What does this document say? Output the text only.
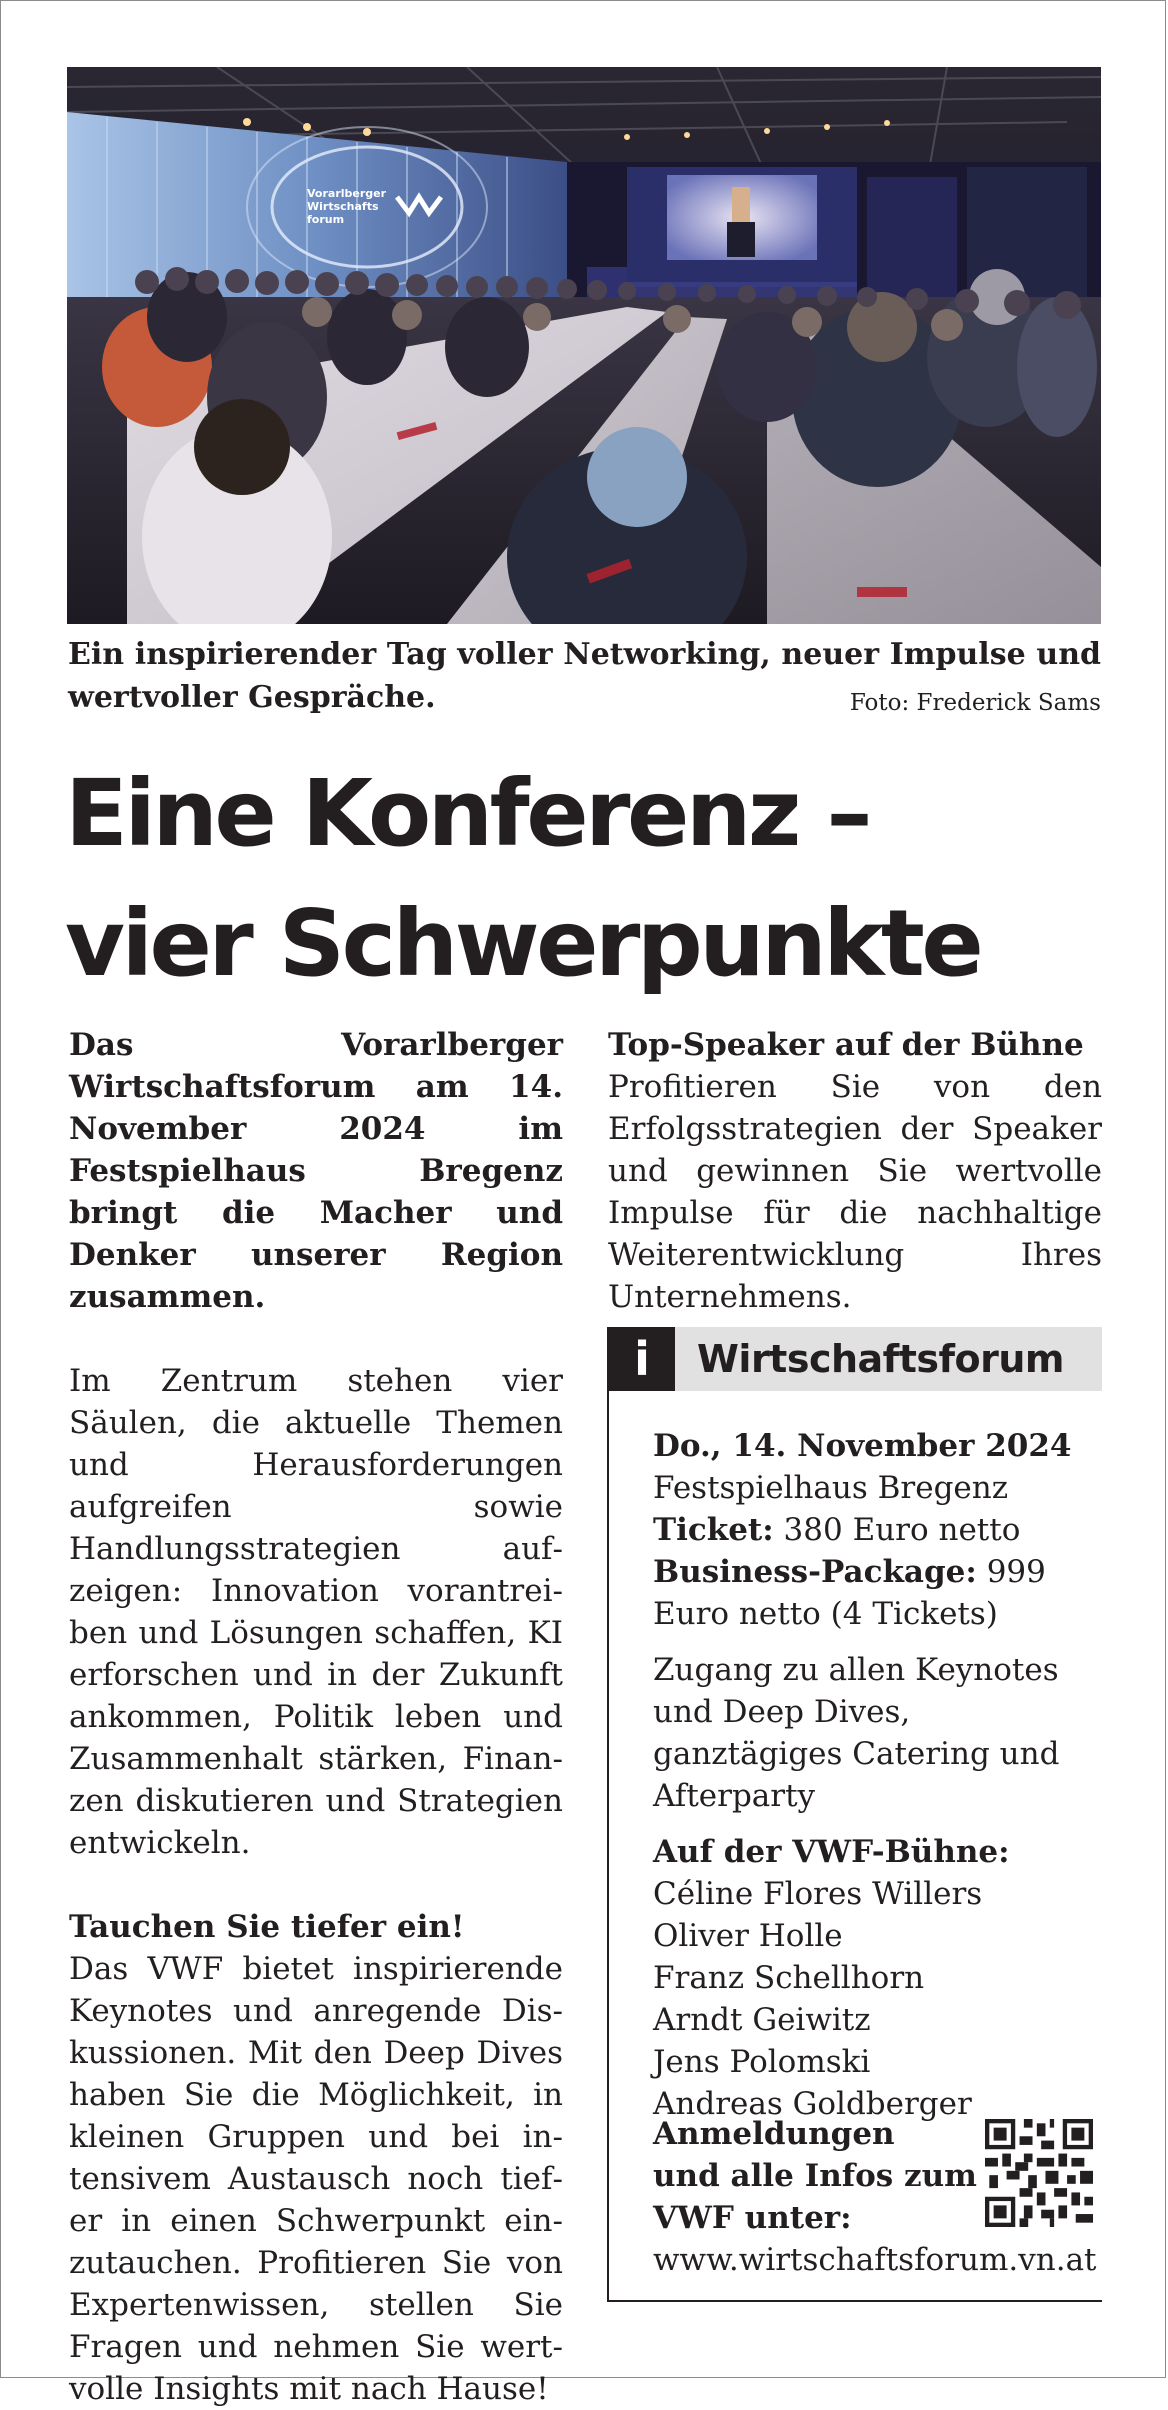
Vorarlberger
Wirtschafts
forum
Ein inspirierender Tag voller Networking, neuer Impulse und wertvoller Gespräche.	Foto: Frederick Sams
Eine Konferenz –
vier Schwerpunkte

Das Vorarlberger Wirtschaftsforum am 14. November 2024 im Festspielhaus Bregenz bringt die Macher und Denker unserer Region zusammen.

Im Zentrum stehen vier Säulen, die aktuelle Themen und Herausforderungen aufgreifen sowie Handlungsstrategien aufzeigen: Innovation vorantreiben und Lösungen schaffen, KI erforschen und in der Zukunft ankommen, Politik leben und Zusammenhalt stärken, Finanzen diskutieren und Strategien entwickeln.

Tauchen Sie tiefer ein!

Das VWF bietet inspirierende Keynotes und anregende Diskussionen. Mit den Deep Dives haben Sie die Möglichkeit, in kleinen Gruppen und bei intensivem Austausch noch tiefer in einen Schwerpunkt einzutauchen. Profitieren Sie von Expertenwissen, stellen Sie Fragen und nehmen Sie wertvolle Insights mit nach Hause!

Top-Speaker auf der Bühne

Profitieren Sie von den Erfolgsstrategien der Speaker und gewinnen Sie wertvolle Impulse für die nachhaltige Weiterentwicklung Ihres Unternehmens.

i	Wirtschaftsforum

Do., 14. November 2024

Festspielhaus Bregenz

Ticket: 380 Euro netto

Business-Package: 999 Euro netto (4 Tickets)

Zugang zu allen Keynotes und Deep Dives, ganztägiges Catering und Afterparty

Auf der VWF-Bühne:

Céline Flores Willers

Oliver Holle

Franz Schellhorn

Arndt Geiwitz

Jens Polomski

Andreas Goldberger

Anmeldungen

und alle Infos zum

VWF unter:

www.wirtschaftsforum.vn.at
